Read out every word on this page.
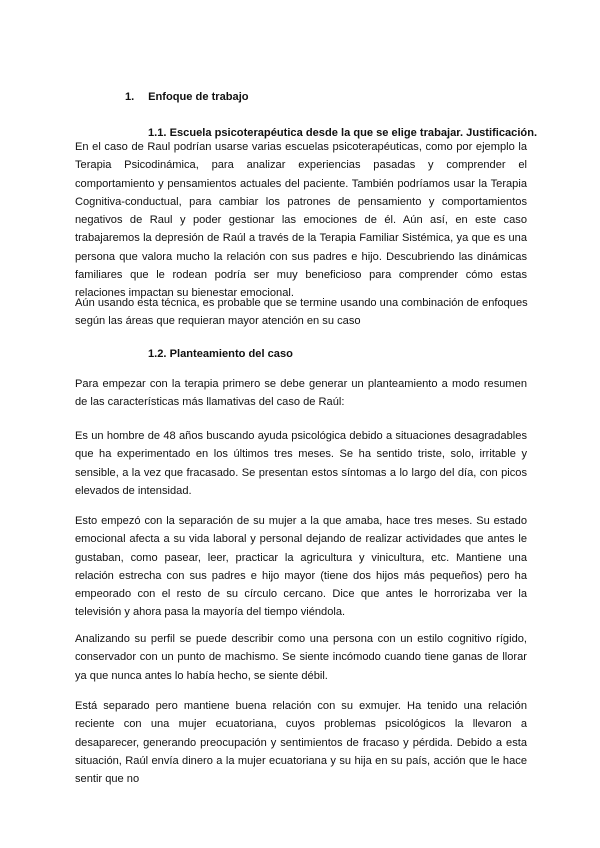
1. Enfoque de trabajo
1.1. Escuela psicoterapéutica desde la que se elige trabajar. Justificación.

En el caso de Raul podrían usarse varias escuelas psicoterapéuticas, como por ejemplo la Terapia Psicodinámica, para analizar experiencias pasadas y comprender el comportamiento y pensamientos actuales del paciente. También podríamos usar la Terapia Cognitiva-conductual, para cambiar los patrones de pensamiento y comportamientos negativos de Raul y poder gestionar las emociones de él. Aún así, en este caso trabajaremos la depresión de Raúl a través de la Terapia Familiar Sistémica, ya que es una persona que valora mucho la relación con sus padres e hijo. Descubriendo las dinámicas familiares que le rodean podría ser muy beneficioso para comprender cómo estas relaciones impactan su bienestar emocional.

Aún usando esta técnica, es probable que se termine usando una combinación de enfoques según las áreas que requieran mayor atención en su caso

1.2. Planteamiento del caso

Para empezar con la terapia primero se debe generar un planteamiento a modo resumen de las características más llamativas del caso de Raúl:

Es un hombre de 48 años buscando ayuda psicológica debido a situaciones desagradables que ha experimentado en los últimos tres meses. Se ha sentido triste, solo, irritable y sensible, a la vez que fracasado. Se presentan estos síntomas a lo largo del día, con picos elevados de intensidad.

Esto empezó con la separación de su mujer a la que amaba, hace tres meses. Su estado emocional afecta a su vida laboral y personal dejando de realizar actividades que antes le gustaban, como pasear, leer, practicar la agricultura y vinicultura, etc. Mantiene una relación estrecha con sus padres e hijo mayor (tiene dos hijos más pequeños) pero ha empeorado con el resto de su círculo cercano. Dice que antes le horrorizaba ver la televisión y ahora pasa la mayoría del tiempo viéndola.

Analizando su perfil se puede describir como una persona con un estilo cognitivo rígido, conservador con un punto de machismo. Se siente incómodo cuando tiene ganas de llorar ya que nunca antes lo había hecho, se siente débil.

Está separado pero mantiene buena relación con su exmujer. Ha tenido una relación reciente con una mujer ecuatoriana, cuyos problemas psicológicos la llevaron a desaparecer, generando preocupación y sentimientos de fracaso y pérdida. Debido a esta situación, Raúl envía dinero a la mujer ecuatoriana y su hija en su país, acción que le hace sentir que no
